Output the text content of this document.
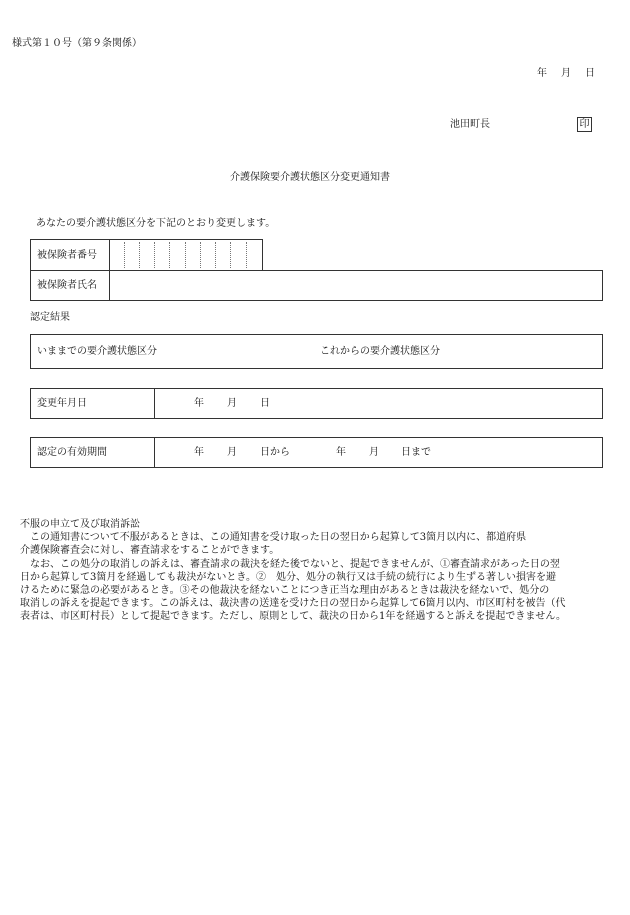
様式第１０号（第９条関係）
年　月　日
池田町長	印
介護保険要介護状態区分変更通知書
あなたの要介護状態区分を下記のとおり変更します。
被保険者番号
被保険者氏名
認定結果
いままでの要介護状態区分	これからの要介護状態区分
変更年月日	年 月 日
認定の有効期間	年 月 日から	年 月 日まで

不服の申立て及び取消訴訟

　この通知書について不服があるときは、この通知書を受け取った日の翌日から起算して3箇月以内に、都道府県

介護保険審査会に対し、審査請求をすることができます。

　なお、この処分の取消しの訴えは、審査請求の裁決を経た後でないと、提起できませんが、①審査請求があった日の翌

日から起算して3箇月を経過しても裁決がないとき。②　処分、処分の執行又は手続の続行により生ずる著しい損害を避

けるために緊急の必要があるとき。③その他裁決を経ないことにつき正当な理由があるときは裁決を経ないで、処分の

取消しの訴えを提起できます。この訴えは、裁決書の送達を受けた日の翌日から起算して6箇月以内、市区町村を被告（代

表者は、市区町村長）として提起できます。ただし、原則として、裁決の日から1年を経過すると訴えを提起できません。
